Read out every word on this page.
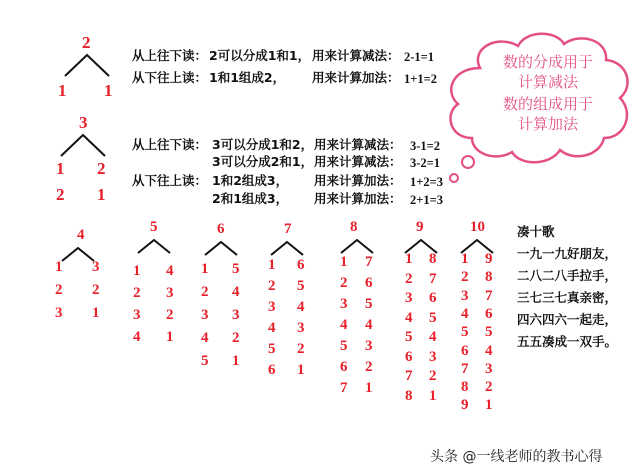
2
1 1
从上往下读： 2可以分成1和1， 用来计算减法： 2-1=1
从下往上读： 1和1组成2， 用来计算加法： 1+1=2
3
1 2
2 1
从上往下读： 3可以分成1和2， 用来计算减法： 3-1=2
3可以分成2和1， 用来计算减法： 3-2=1
从下往上读： 1和2组成3， 用来计算加法： 1+2=3
2和1组成3， 用来计算加法： 2+1=3
数的分成用于
计算减法
数的组成用于
计算加法
4
1
2
3
3
2
1
5
1
2
3
4
4
3
2
1
6
1
2
3
4
5
5
4
3
2
1
7
1
2
3
4
5
6
6
5
4
3
2
1
8
1
2
3
4
5
6
7
7
6
5
4
3
2
1
9
1
2
3
4
5
6
7
8
8
7
6
5
4
3
2
1
10
1
2
3
4
5
6
7
8
9
9
8
7
6
5
4
3
2
1
凑十歌
一九一九好朋友，
二八二八手拉手，
三七三七真亲密，
四六四六一起走，
五五凑成一双手。
头条 @一线老师的教书心得
